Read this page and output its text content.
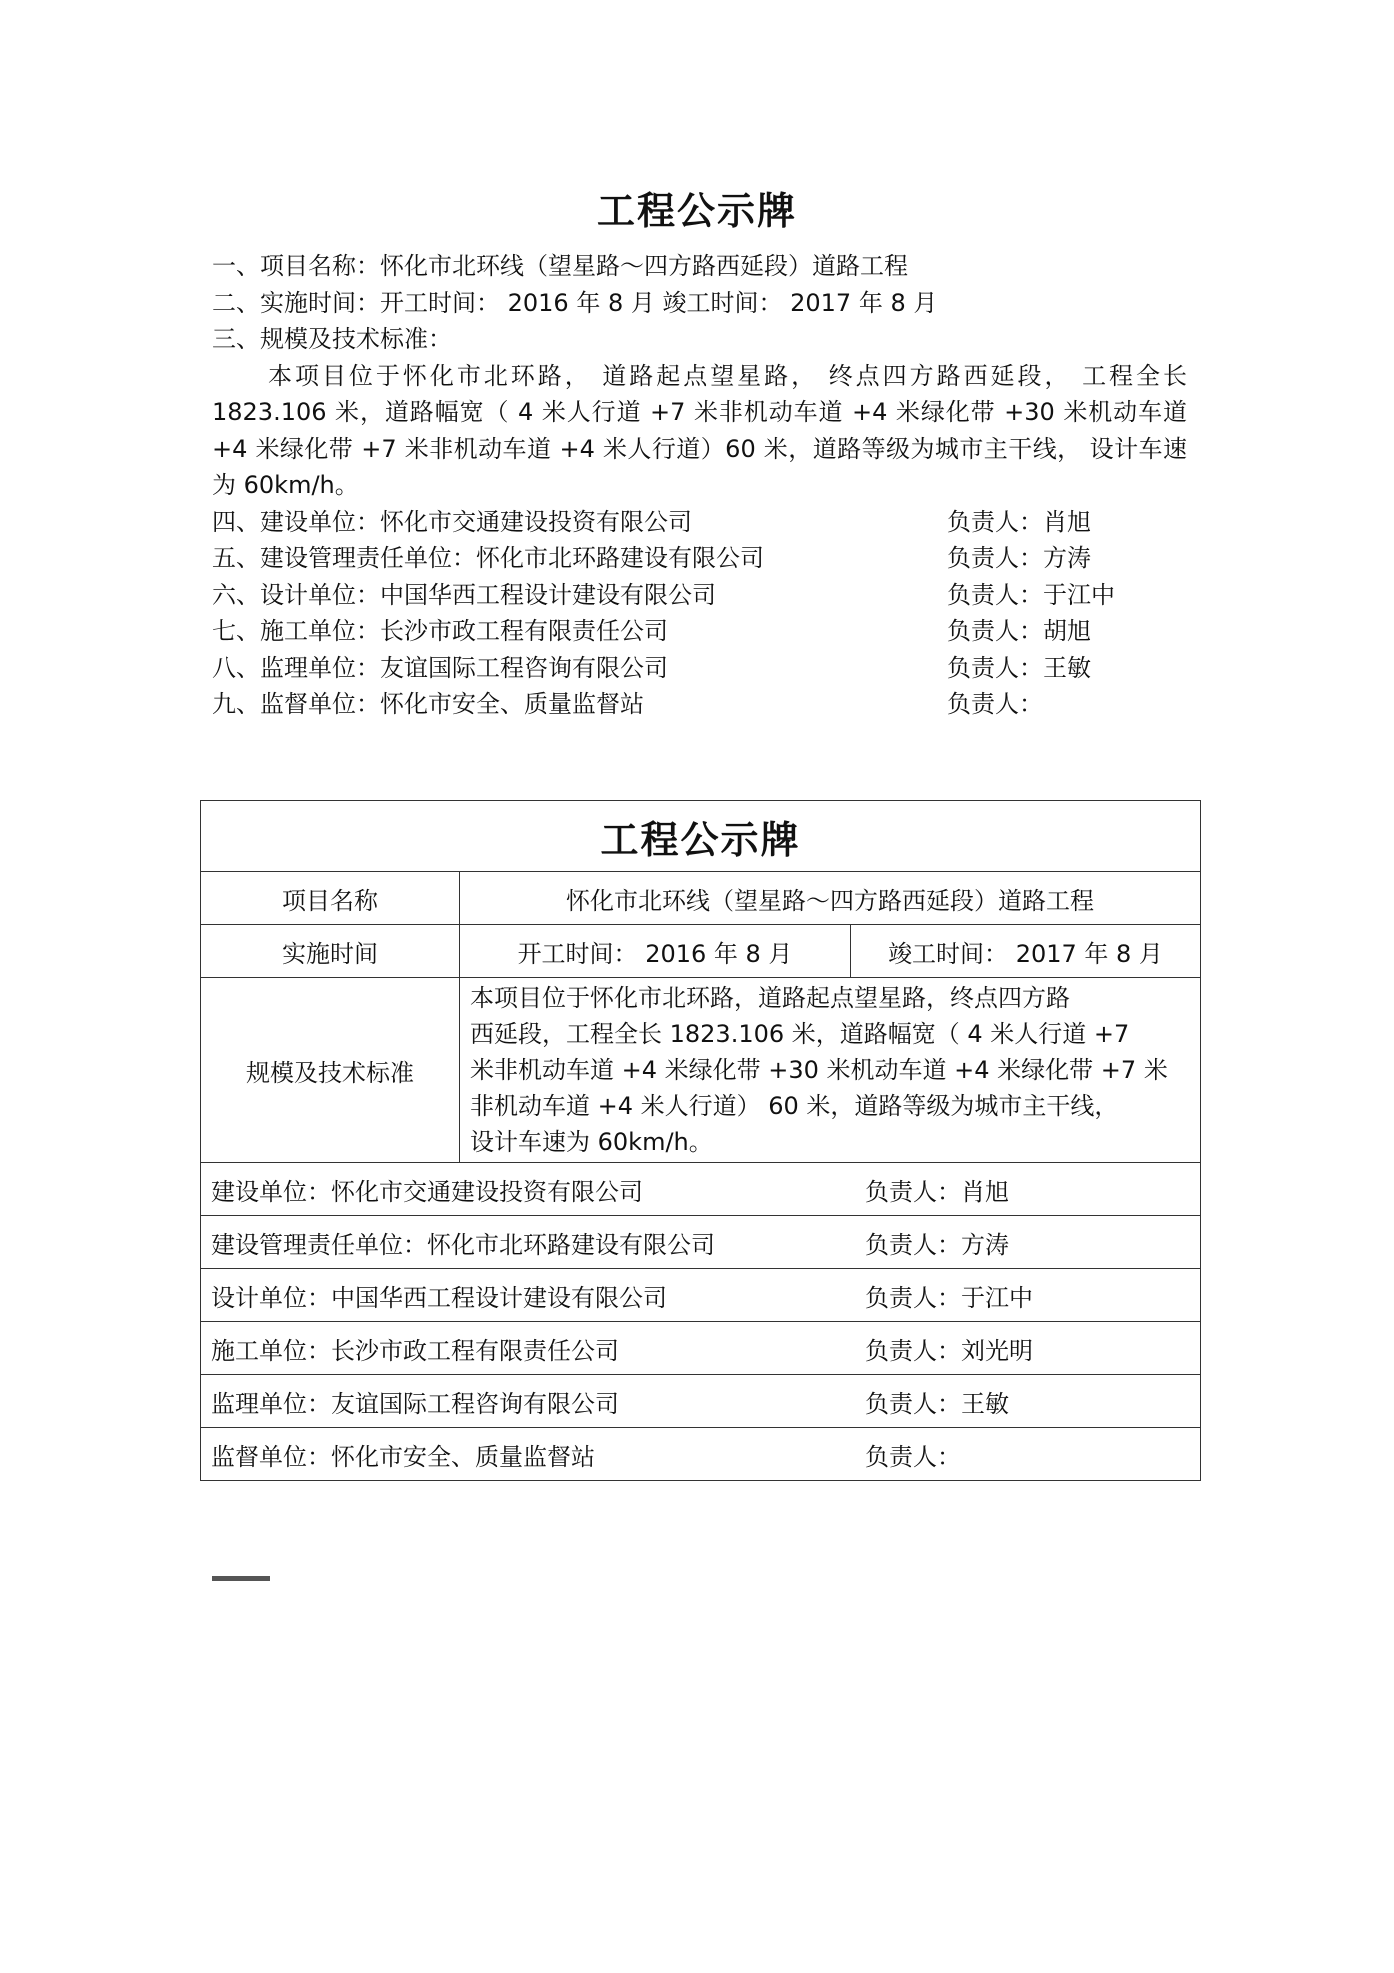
工程公示牌
一、项目名称：怀化市北环线（望星路～四方路西延段）道路工程
二、实施时间：开工时间： 2016 年 8 月 竣工时间： 2017 年 8 月
三、规模及技术标准：
本项目位于怀化市北环路， 道路起点望星路， 终点四方路西延段， 工程全长 1823.106 米，道路幅宽（ 4 米人行道 +7 米非机动车道 +4 米绿化带 +30 米机动车道+4 米绿化带 +7 米非机动车道 +4 米人行道）60 米，道路等级为城市主干线， 设计车速为 60km/h。
四、建设单位：怀化市交通建设投资有限公司	负责人：肖旭
五、建设管理责任单位：怀化市北环路建设有限公司	负责人：方涛
六、设计单位：中国华西工程设计建设有限公司	负责人：于江中
七、施工单位：长沙市政工程有限责任公司	负责人：胡旭
八、监理单位：友谊国际工程咨询有限公司	负责人：王敏
九、监督单位：怀化市安全、质量监督站	负责人：
工程公示牌		
项目名称	怀化市北环线（望星路～四方路西延段）道路工程	
实施时间	开工时间： 2016 年 8 月	竣工时间： 2017 年 8 月
规模及技术标准	本项目位于怀化市北环路，道路起点望星路，终点四方路
西延段，工程全长 1823.106 米，道路幅宽（ 4 米人行道 +7
米非机动车道 +4 米绿化带 +30 米机动车道 +4 米绿化带 +7 米
非机动车道 +4 米人行道） 60 米，道路等级为城市主干线，
设计车速为 60km/h。	

建设单位：怀化市交通建设投资有限公司 负责人：肖旭		

建设管理责任单位：怀化市北环路建设有限公司 负责人：方涛		

设计单位：中国华西工程设计建设有限公司 负责人：于江中		

施工单位：长沙市政工程有限责任公司 负责人：刘光明		

监理单位：友谊国际工程咨询有限公司 负责人：王敏		

监督单位：怀化市安全、质量监督站 负责人：		
